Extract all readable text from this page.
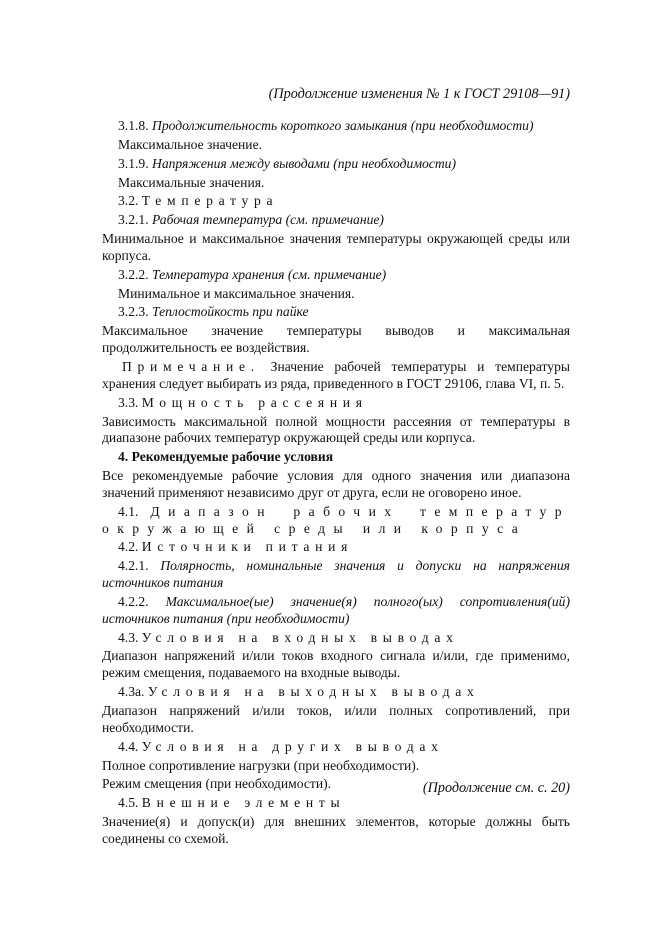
(Продолжение изменения № 1 к ГОСТ 29108—91)
3.1.8. Продолжительность короткого замыкания (при необходимости)
Максимальное значение.
3.1.9. Напряжения между выводами (при необходимости)
Максимальные значения.
3.2. Температура
3.2.1. Рабочая температура (см. примечание)
Минимальное и максимальное значения температуры окружающей среды или корпуса.
3.2.2. Температура хранения (см. примечание)
Минимальное и максимальное значения.
3.2.3. Теплостойкость при пайке
Максимальное значение температуры выводов и максимальная продолжительность ее воздействия.
Примечание. Значение рабочей температуры и температуры хранения следует выбирать из ряда, приведенного в ГОСТ 29106, глава VI, п. 5.
3.3. Мощность рассеяния
Зависимость максимальной полной мощности рассеяния от температуры в диапазоне рабочих температур окружающей среды или корпуса.
4. Рекомендуемые рабочие условия
Все рекомендуемые рабочие условия для одного значения или диапазона значений применяют независимо друг от друга, если не оговорено иное.
4.1. Диапазон рабочих температур окружающей среды или корпуса
4.2. Источники питания
4.2.1. Полярность, номинальные значения и допуски на напряжения источников питания
4.2.2. Максимальное(ые) значение(я) полного(ых) сопротивления(ий) источников питания (при необходимости)
4.3. Условия на входных выводах
Диапазон напряжений и/или токов входного сигнала и/или, где применимо, режим смещения, подаваемого на входные выводы.
4.3а. Условия на выходных выводах
Диапазон напряжений и/или токов, и/или полных сопротивлений, при необходимости.
4.4. Условия на других выводах
Полное сопротивление нагрузки (при необходимости).
Режим смещения (при необходимости).
4.5. Внешние элементы
Значение(я) и допуск(и) для внешних элементов, которые должны быть соединены со схемой.
(Продолжение см. с. 20)
